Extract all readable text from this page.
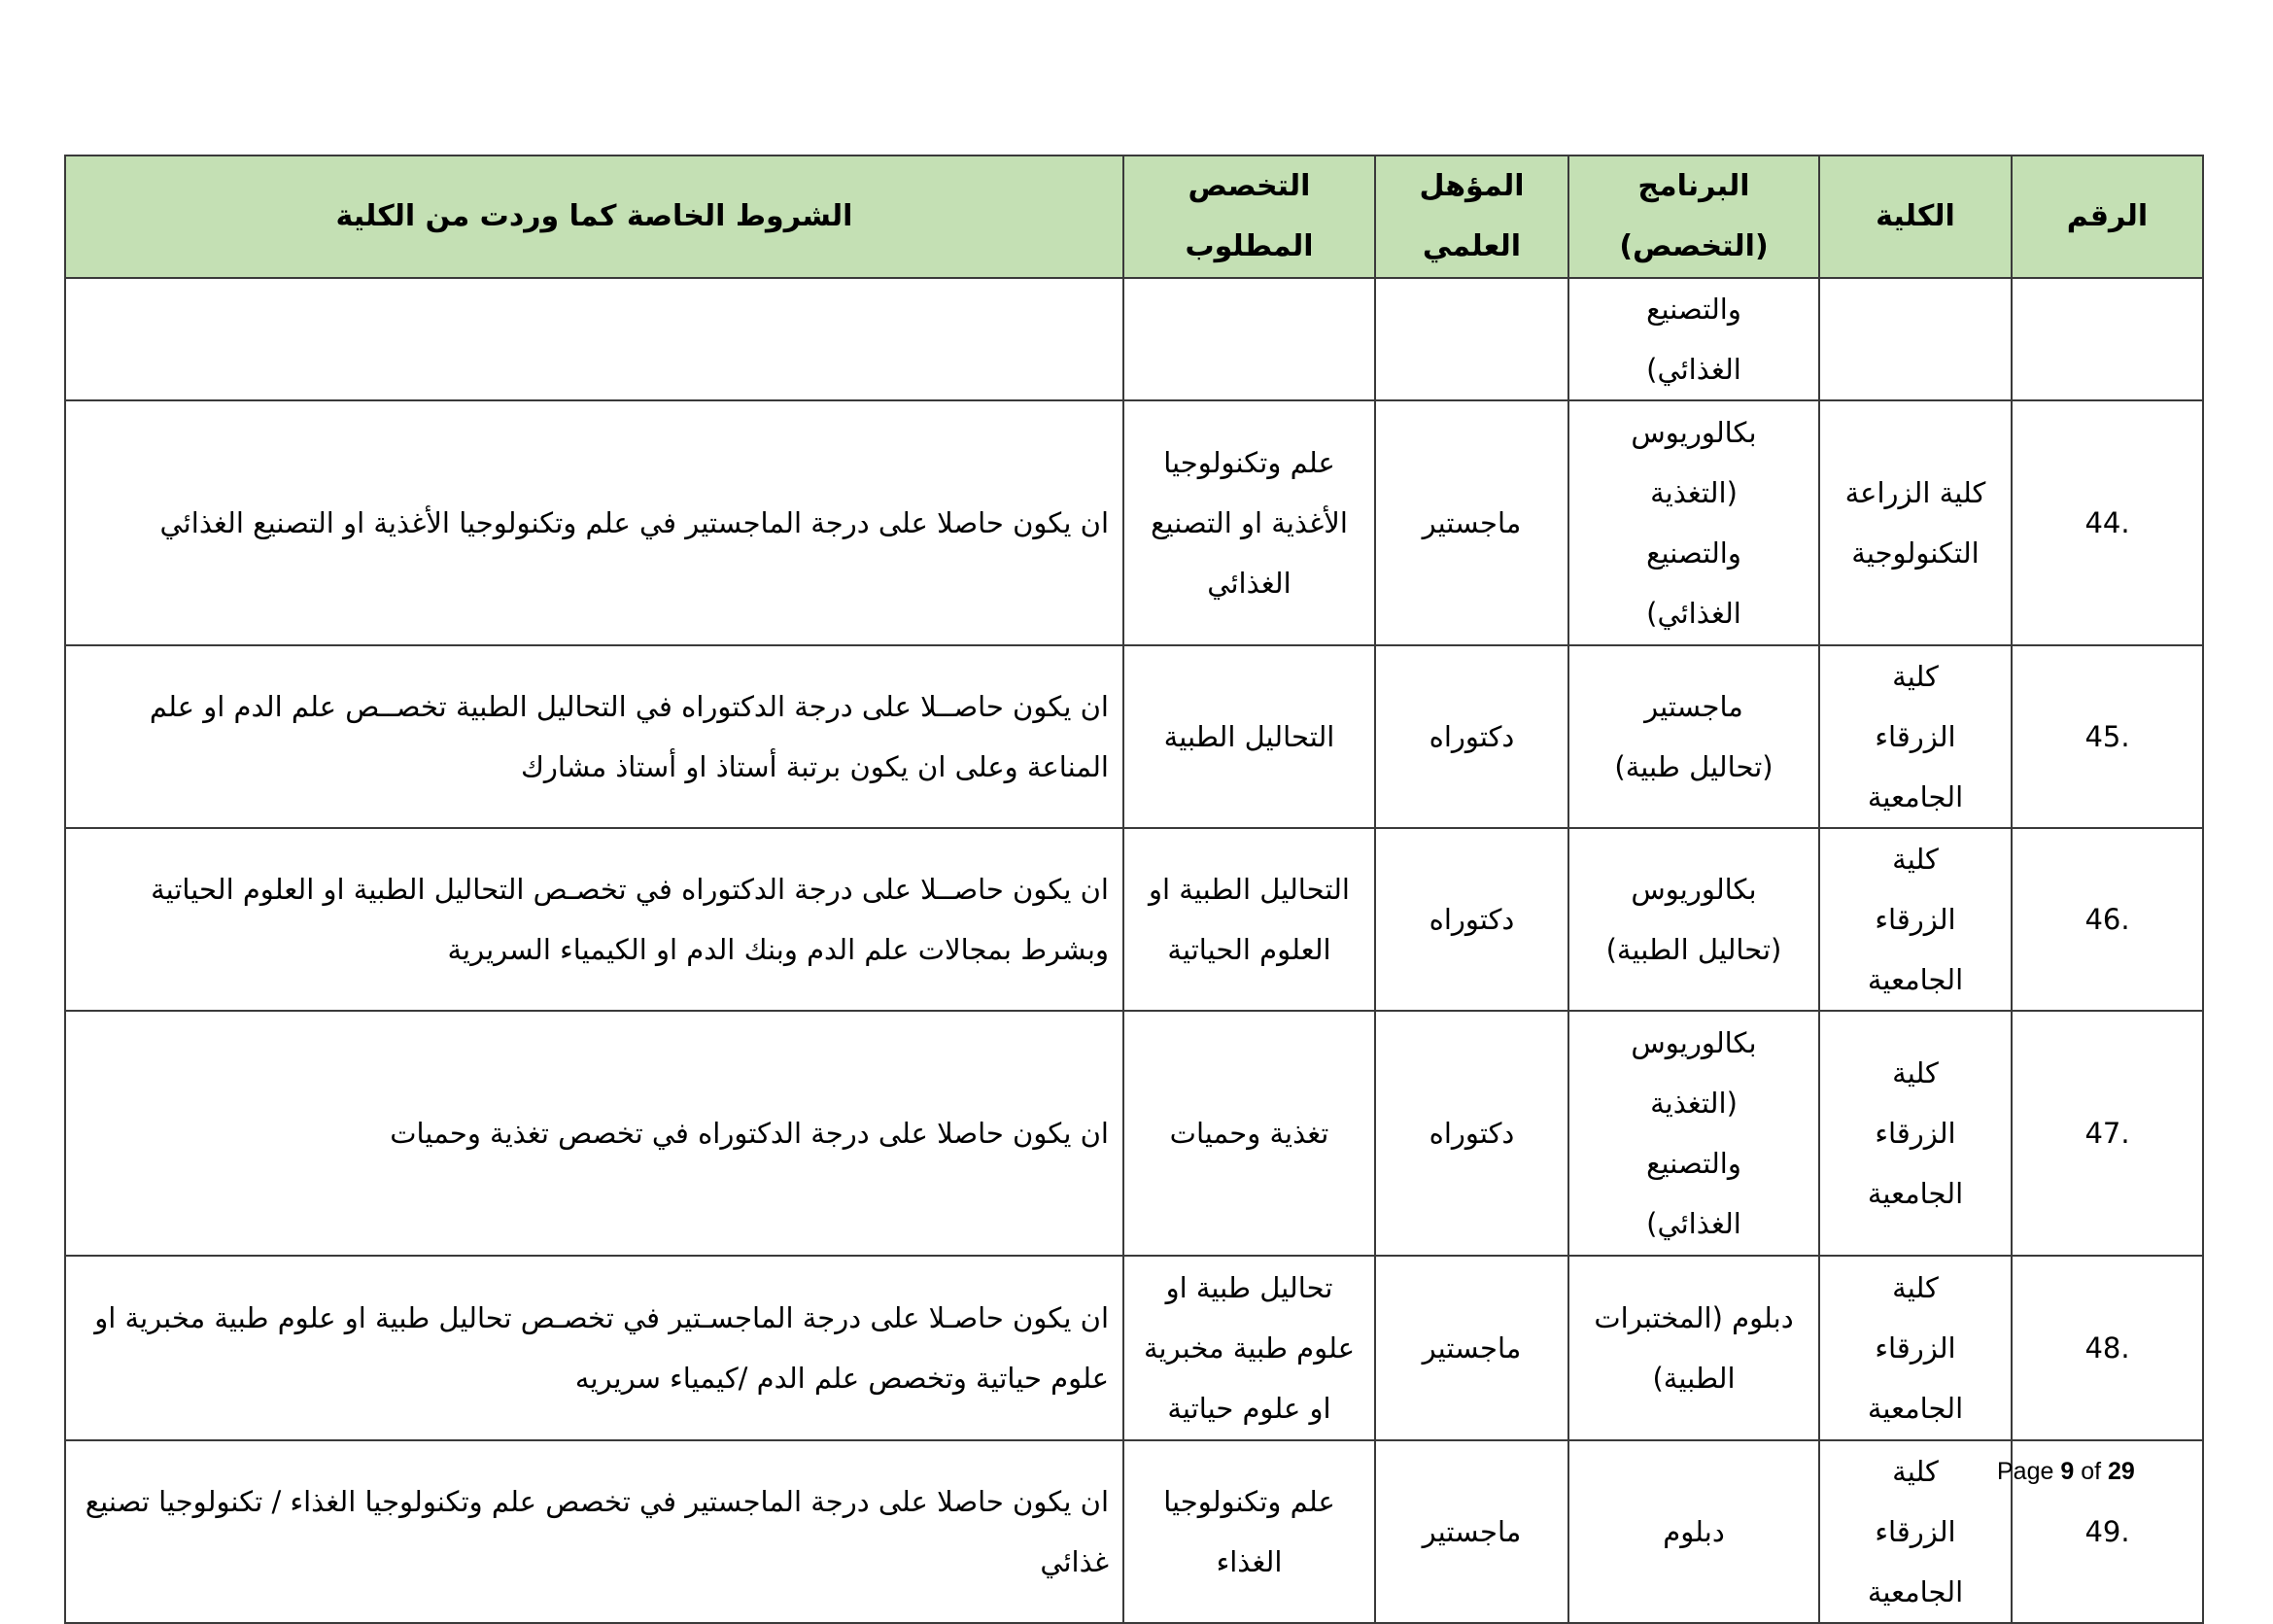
الرقم	الكلية	البرنامج (التخصص)	المؤهل العلمي	التخصص المطلوب	الشروط الخاصة كما وردت من الكلية
		والتصنيع الغذائي)			
44.	كلية الزراعة التكنولوجية	بكالوريوس (التغذية والتصنيع الغذائي)	ماجستير	علم وتكنولوجيا الأغذية او التصنيع الغذائي	ان يكون حاصلا على درجة الماجستير في علم وتكنولوجيا الأغذية او التصنيع الغذائي
45.	كلية الزرقاء الجامعية	ماجستير (تحاليل طبية)	دكتوراه	التحاليل الطبية	ان يكون حاصــلا على درجة الدكتوراه في التحاليل الطبية تخصــص علم الدم او علم المناعة وعلى ان يكون برتبة أستاذ او أستاذ مشارك
46.	كلية الزرقاء الجامعية	بكالوريوس (تحاليل الطبية)	دكتوراه	التحاليل الطبية او العلوم الحياتية	ان يكون حاصــلا على درجة الدكتوراه في تخصـص التحاليل الطبية او العلوم الحياتية وبشرط بمجالات علم الدم وبنك الدم او الكيمياء السريرية
47.	كلية الزرقاء الجامعية	بكالوريوس (التغذية والتصنيع الغذائي)	دكتوراه	تغذية وحميات	ان يكون حاصلا على درجة الدكتوراه في تخصص تغذية وحميات
48.	كلية الزرقاء الجامعية	دبلوم (المختبرات الطبية)	ماجستير	تحاليل طبية او علوم طبية مخبرية او علوم حياتية	ان يكون حاصـلا على درجة الماجسـتير في تخصـص تحاليل طبية او علوم طبية مخبرية او علوم حياتية وتخصص علم الدم /كيمياء سريريه
49.	كلية الزرقاء الجامعية	دبلوم	ماجستير	علم وتكنولوجيا الغذاء	ان يكون حاصلا على درجة الماجستير في تخصص علم وتكنولوجيا الغذاء / تكنولوجيا تصنيع غذائي
Page 9 of 29
